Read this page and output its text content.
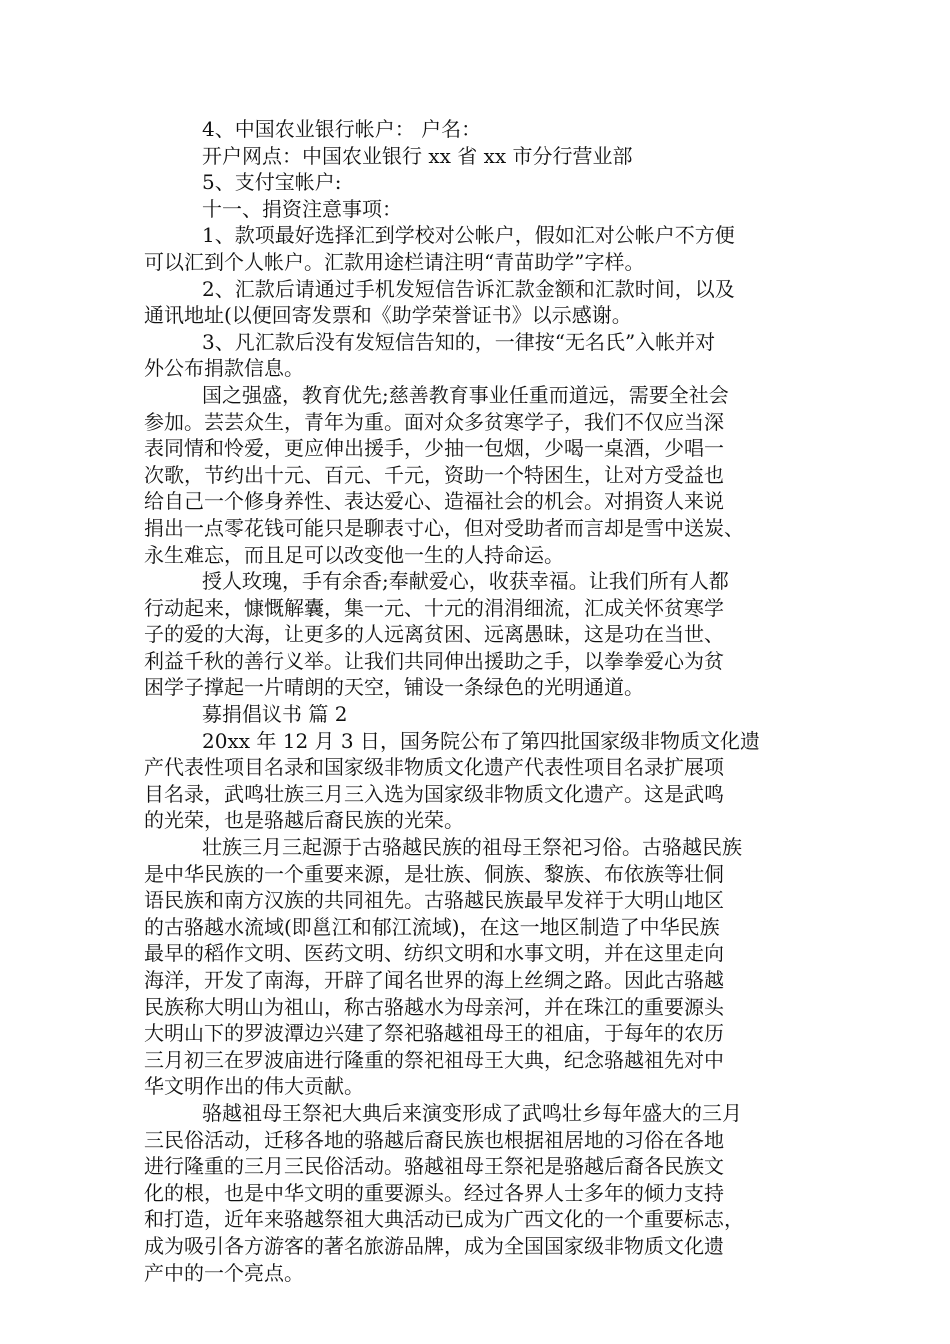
4、中国农业银行帐户： 户名：
开户网点：中国农业银行 xx 省 xx 市分行营业部
5、支付宝帐户:
十一、捐资注意事项：
1、款项最好选择汇到学校对公帐户，假如汇对公帐户不方便
可以汇到个人帐户。汇款用途栏请注明“青苗助学”字样。
2、汇款后请通过手机发短信告诉汇款金额和汇款时间，以及
通讯地址(以便回寄发票和《助学荣誉证书》以示感谢。
3、凡汇款后没有发短信告知的，一律按“无名氏”入帐并对
外公布捐款信息。
国之强盛，教育优先;慈善教育事业任重而道远，需要全社会
参加。芸芸众生，青年为重。面对众多贫寒学子，我们不仅应当深
表同情和怜爱，更应伸出援手，少抽一包烟，少喝一桌酒，少唱一
次歌，节约出十元、百元、千元，资助一个特困生，让对方受益也
给自己一个修身养性、表达爱心、造福社会的机会。对捐资人来说
捐出一点零花钱可能只是聊表寸心，但对受助者而言却是雪中送炭、
永生难忘，而且足可以改变他一生的人持命运。
授人玫瑰，手有余香;奉献爱心，收获幸福。让我们所有人都
行动起来，慷慨解囊，集一元、十元的涓涓细流，汇成关怀贫寒学
子的爱的大海，让更多的人远离贫困、远离愚昧，这是功在当世、
利益千秋的善行义举。让我们共同伸出援助之手，以拳拳爱心为贫
困学子撑起一片晴朗的天空，铺设一条绿色的光明通道。
募捐倡议书 篇 2
20xx 年 12 月 3 日，国务院公布了第四批国家级非物质文化遗
产代表性项目名录和国家级非物质文化遗产代表性项目名录扩展项
目名录，武鸣壮族三月三入选为国家级非物质文化遗产。这是武鸣
的光荣，也是骆越后裔民族的光荣。
壮族三月三起源于古骆越民族的祖母王祭祀习俗。古骆越民族
是中华民族的一个重要来源，是壮族、侗族、黎族、布依族等壮侗
语民族和南方汉族的共同祖先。古骆越民族最早发祥于大明山地区
的古骆越水流域(即邕江和郁江流域)，在这一地区制造了中华民族
最早的稻作文明、医药文明、纺织文明和水事文明，并在这里走向
海洋，开发了南海，开辟了闻名世界的海上丝绸之路。因此古骆越
民族称大明山为祖山，称古骆越水为母亲河，并在珠江的重要源头
大明山下的罗波潭边兴建了祭祀骆越祖母王的祖庙，于每年的农历
三月初三在罗波庙进行隆重的祭祀祖母王大典，纪念骆越祖先对中
华文明作出的伟大贡献。
骆越祖母王祭祀大典后来演变形成了武鸣壮乡每年盛大的三月
三民俗活动，迁移各地的骆越后裔民族也根据祖居地的习俗在各地
进行隆重的三月三民俗活动。骆越祖母王祭祀是骆越后裔各民族文
化的根，也是中华文明的重要源头。经过各界人士多年的倾力支持
和打造，近年来骆越祭祖大典活动已成为广西文化的一个重要标志，
成为吸引各方游客的著名旅游品牌，成为全国国家级非物质文化遗
产中的一个亮点。
